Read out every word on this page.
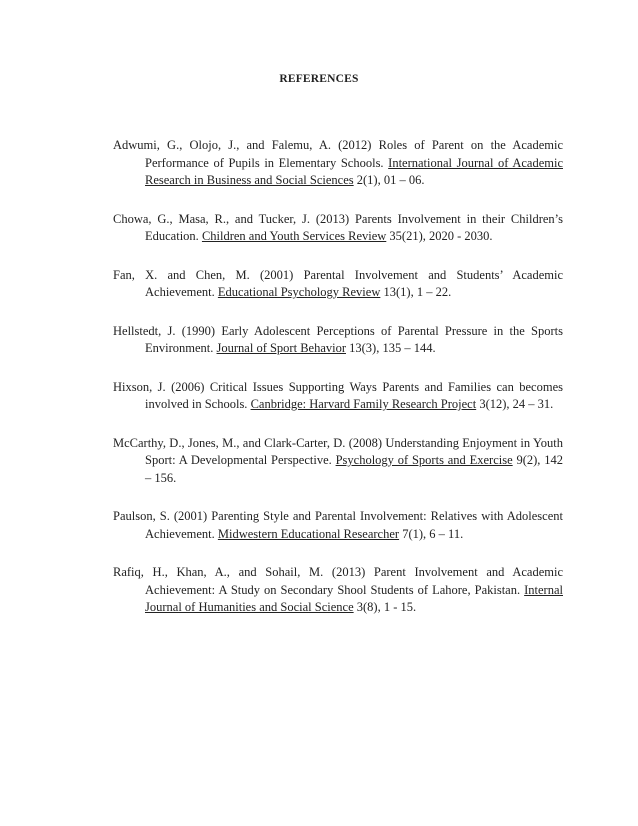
REFERENCES

Adwumi, G., Olojo, J., and Falemu, A. (2012) Roles of Parent on the Academic Performance of Pupils in Elementary Schools. International Journal of Academic Research in Business and Social Sciences 2(1), 01 – 06.

Chowa, G., Masa, R., and Tucker, J. (2013) Parents Involvement in their Children’s Education. Children and Youth Services Review 35(21), 2020 - 2030.

Fan, X. and Chen, M. (2001) Parental Involvement and Students’ Academic Achievement. Educational Psychology Review 13(1), 1 – 22.

Hellstedt, J. (1990) Early Adolescent Perceptions of Parental Pressure in the Sports Environment. Journal of Sport Behavior 13(3), 135 – 144.

Hixson, J. (2006) Critical Issues Supporting Ways Parents and Families can becomes involved in Schools. Canbridge: Harvard Family Research Project 3(12), 24 – 31.

McCarthy, D., Jones, M., and Clark-Carter, D. (2008) Understanding Enjoyment in Youth Sport: A Developmental Perspective. Psychology of Sports and Exercise 9(2), 142 – 156.

Paulson, S. (2001) Parenting Style and Parental Involvement: Relatives with Adolescent Achievement. Midwestern Educational Researcher 7(1), 6 – 11.

Rafiq, H., Khan, A., and Sohail, M. (2013) Parent Involvement and Academic Achievement: A Study on Secondary Shool Students of Lahore, Pakistan. Internal Journal of Humanities and Social Science 3(8), 1 - 15.
